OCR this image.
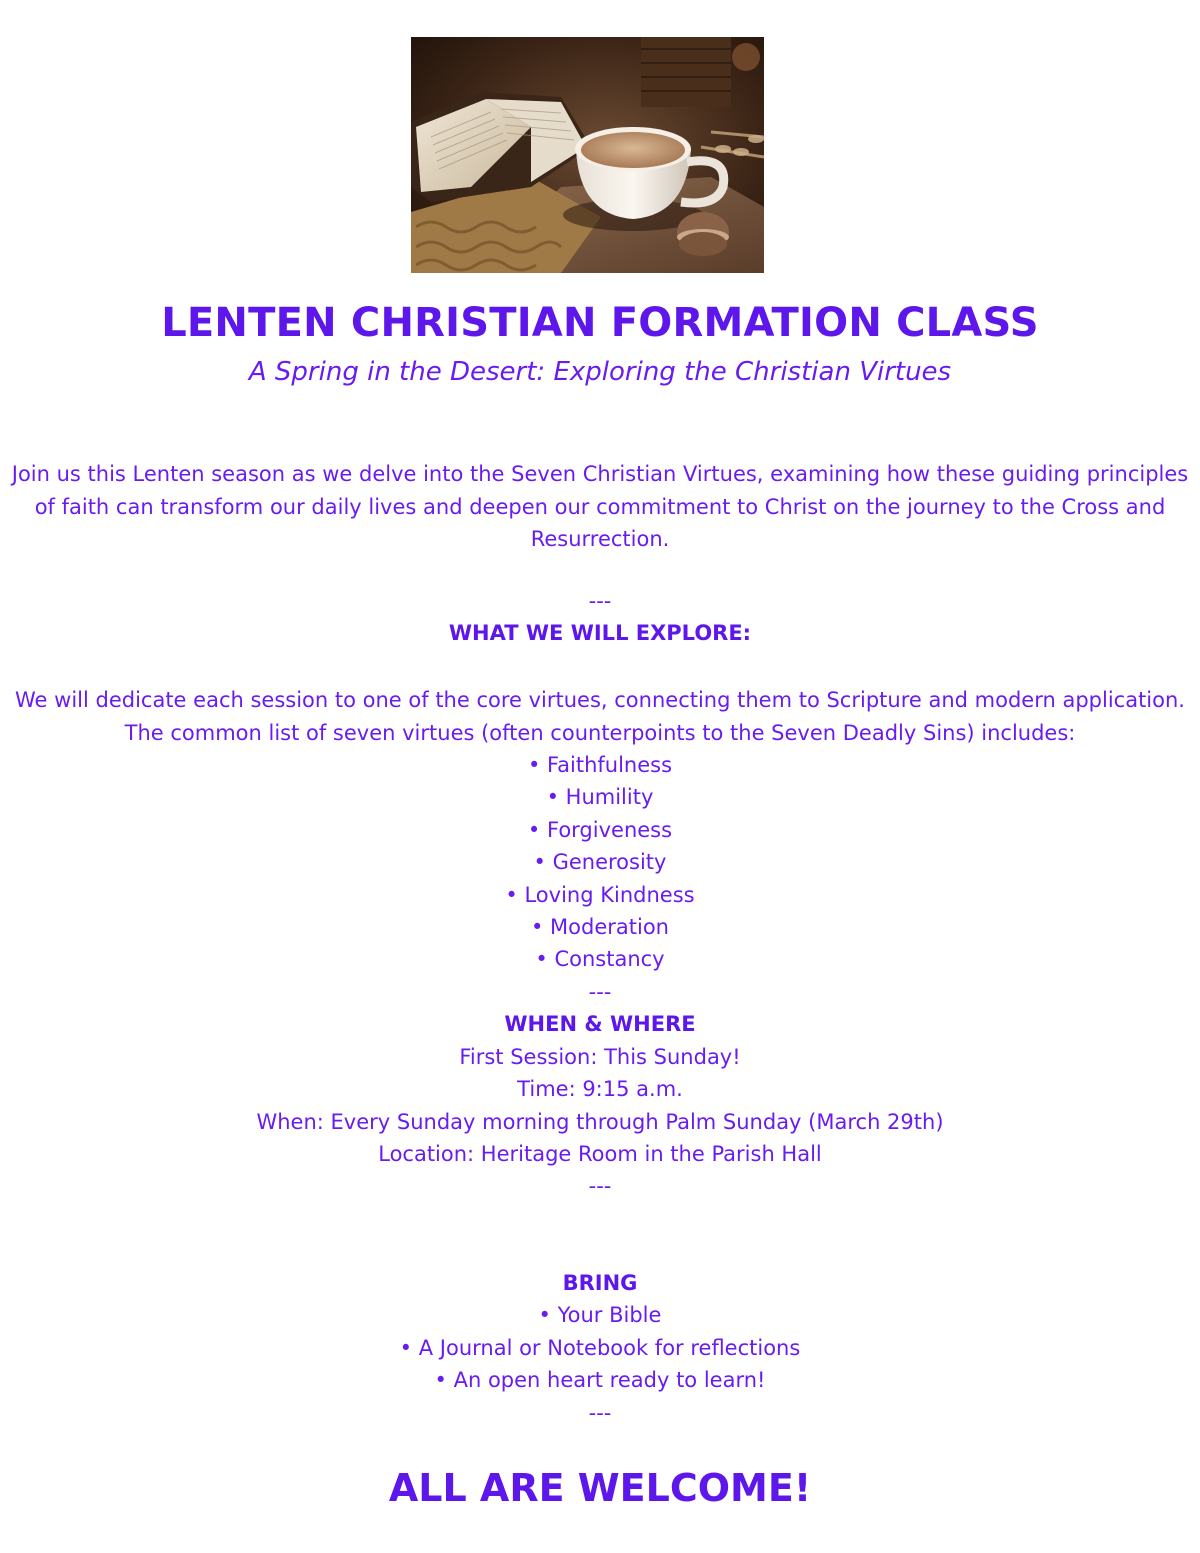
LENTEN CHRISTIAN FORMATION CLASS
A Spring in the Desert: Exploring the Christian Virtues
Join us this Lenten season as we delve into the Seven Christian Virtues, examining how these guiding principles of faith can transform our daily lives and deepen our commitment to Christ on the journey to the Cross and Resurrection.
---
WHAT WE WILL EXPLORE:
We will dedicate each session to one of the core virtues, connecting them to Scripture and modern application. The common list of seven virtues (often counterpoints to the Seven Deadly Sins) includes:
• Faithfulness
• Humility
• Forgiveness
• Generosity
• Loving Kindness
• Moderation
• Constancy
---
WHEN & WHERE
First Session: This Sunday!
Time: 9:15 a.m.
When: Every Sunday morning through Palm Sunday (March 29th)
Location: Heritage Room in the Parish Hall
---
BRING
• Your Bible
• A Journal or Notebook for reflections
• An open heart ready to learn!
---
ALL ARE WELCOME!
